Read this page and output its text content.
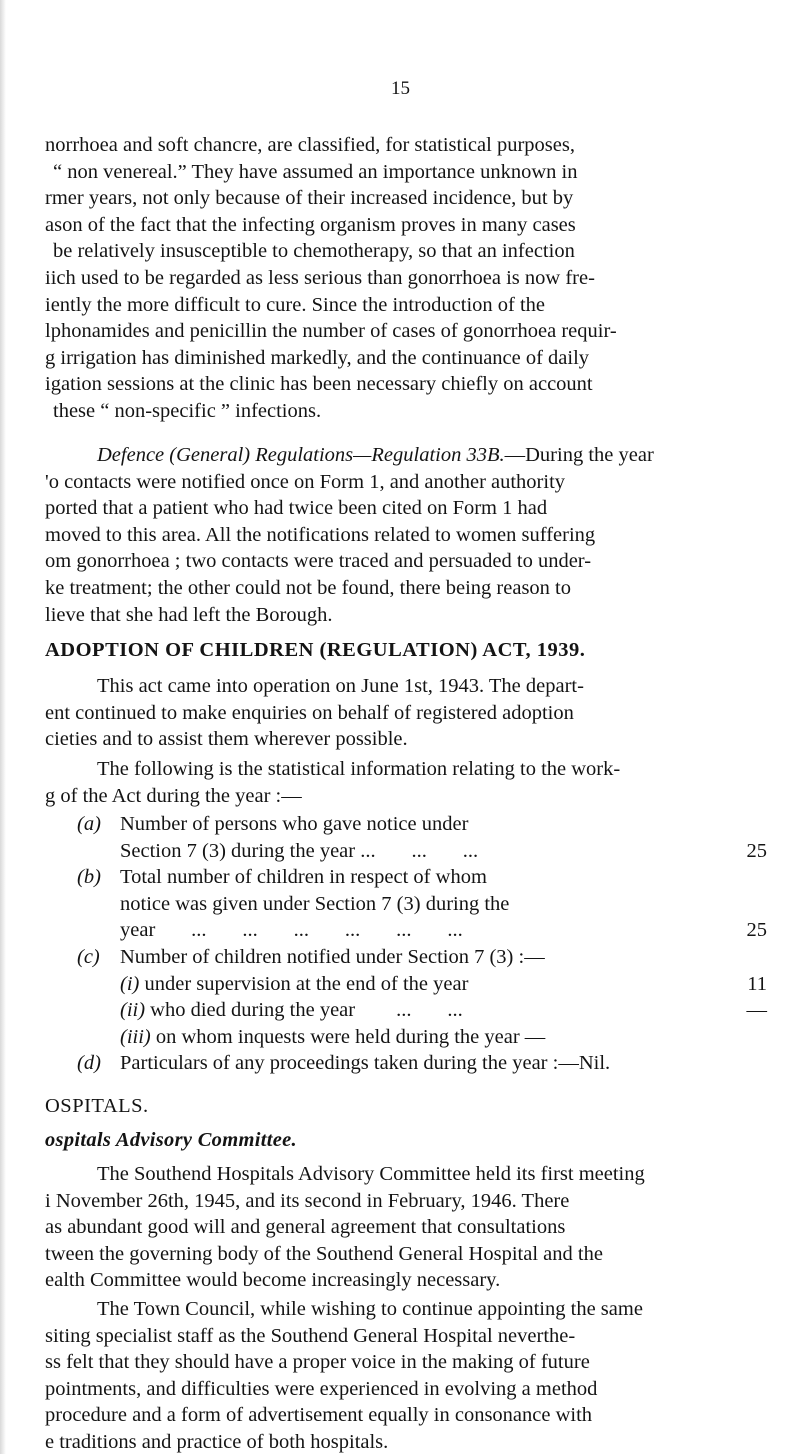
15
norrhoea and soft chancre, are classified, for statistical purposes,
“ non venereal.” They have assumed an importance unknown in
rmer years, not only because of their increased incidence, but by
ason of the fact that the infecting organism proves in many cases
be relatively insusceptible to chemotherapy, so that an infection
iich used to be regarded as less serious than gonorrhoea is now fre-
iently the more difficult to cure. Since the introduction of the
lphonamides and penicillin the number of cases of gonorrhoea requir-
g irrigation has diminished markedly, and the continuance of daily
igation sessions at the clinic has been necessary chiefly on account
these “ non-specific ” infections.
Defence (General) Regulations—Regulation 33B.—During the year
'o contacts were notified once on Form 1, and another authority
ported that a patient who had twice been cited on Form 1 had
moved to this area. All the notifications related to women suffering
om gonorrhoea ; two contacts were traced and persuaded to under-
ke treatment; the other could not be found, there being reason to
lieve that she had left the Borough.
ADOPTION OF CHILDREN (REGULATION) ACT, 1939.
This act came into operation on June 1st, 1943. The depart-
ent continued to make enquiries on behalf of registered adoption
cieties and to assist them wherever possible.
The following is the statistical information relating to the work-
g of the Act during the year :—
(a) Number of persons who gave notice under
Section 7 (3) during the year ...       ...       ...	25
(b) Total number of children in respect of whom
notice was given under Section 7 (3) during the
year       ...       ...       ...       ...       ...       ...	25
(c) Number of children notified under Section 7 (3) :—
(i) under supervision at the end of the year	11
(ii) who died during the year        ...       ...	—
(iii) on whom inquests were held during the year —
(d) Particulars of any proceedings taken during the year :—Nil.
OSPITALS.
ospitals Advisory Committee.
The Southend Hospitals Advisory Committee held its first meeting
i November 26th, 1945, and its second in February, 1946. There
as abundant good will and general agreement that consultations
tween the governing body of the Southend General Hospital and the
ealth Committee would become increasingly necessary.
The Town Council, while wishing to continue appointing the same
siting specialist staff as the Southend General Hospital neverthe-
ss felt that they should have a proper voice in the making of future
pointments, and difficulties were experienced in evolving a method
procedure and a form of advertisement equally in consonance with
e traditions and practice of both hospitals.
